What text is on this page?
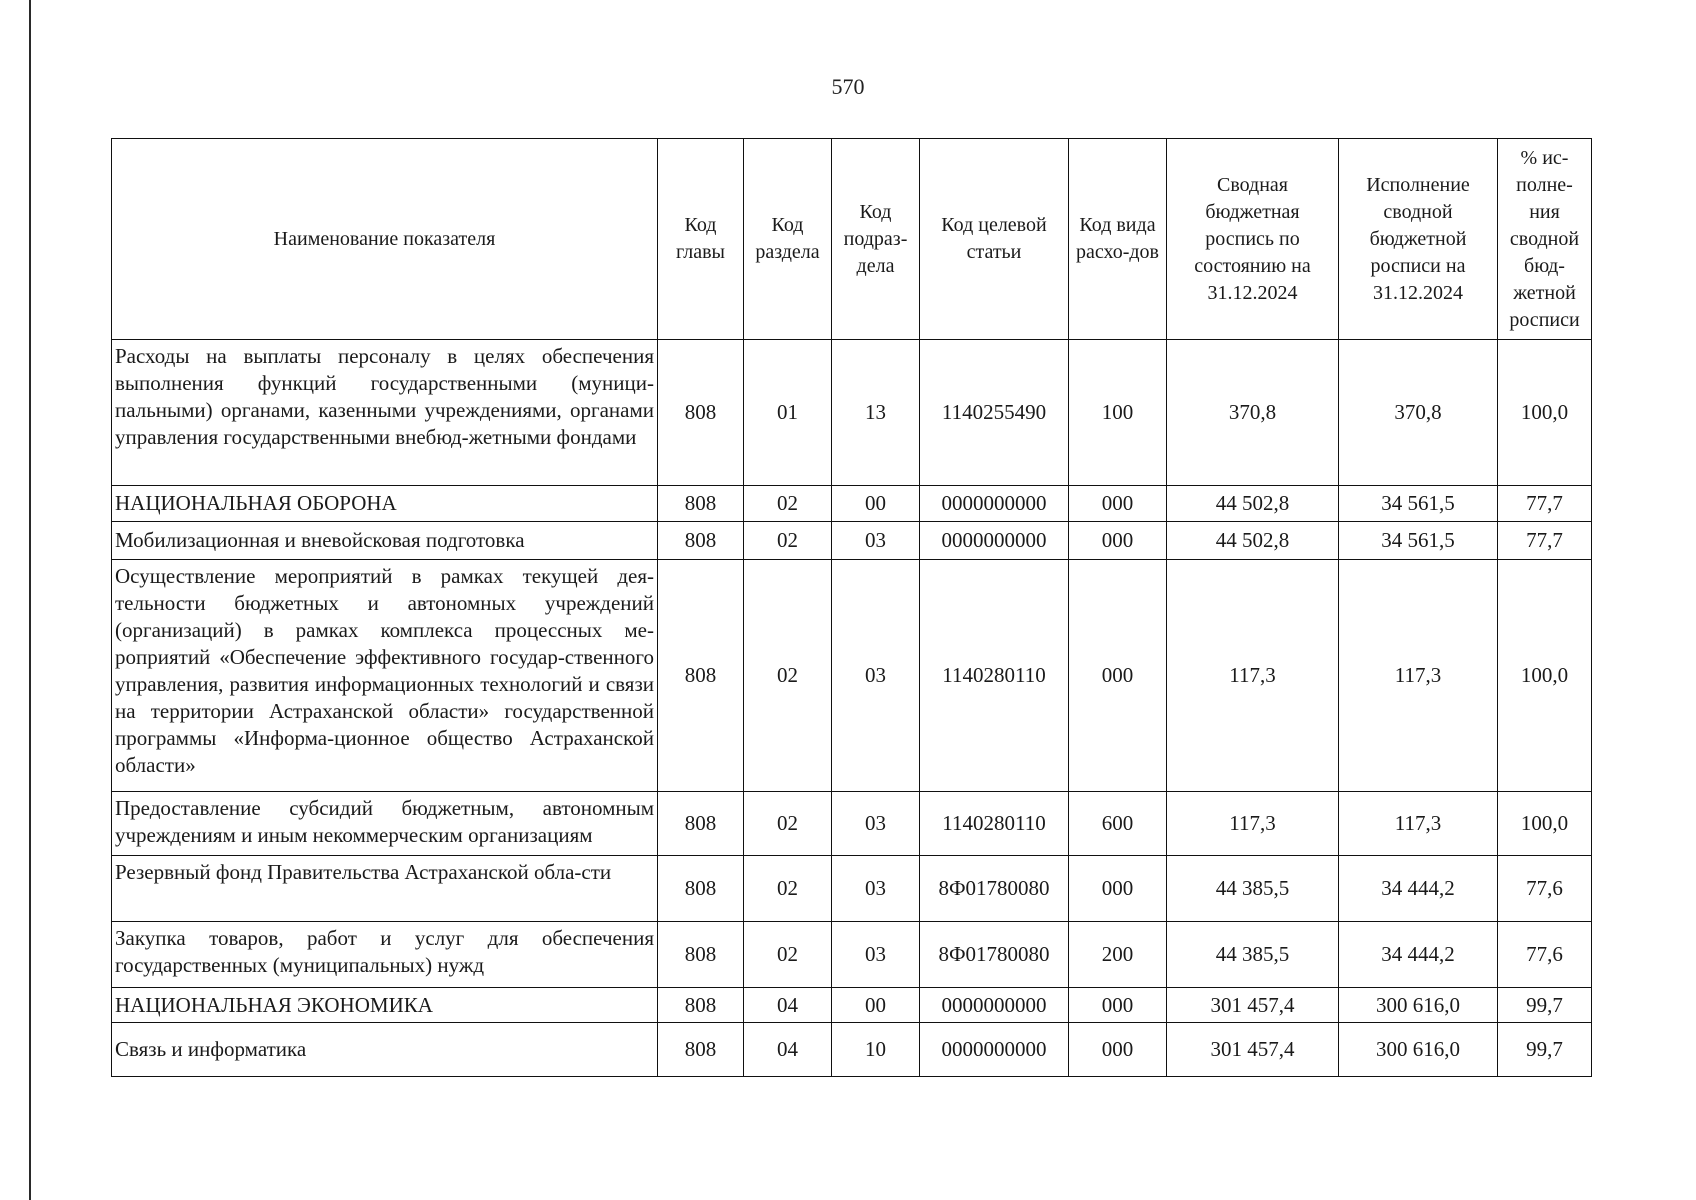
570
Наименование показателя	Код главы	Код раздела	Код подраз-дела	Код целевой статьи	Код вида расхо-дов	Сводная бюджетная роспись по состоянию на 31.12.2024	Исполнение сводной бюджетной росписи на 31.12.2024	% ис-полне-ния сводной бюд-жетной росписи
Расходы на выплаты персоналу в целях обеспечения выполнения функций государственными (муници-пальными) органами, казенными учреждениями, органами управления государственными внебюд-жетными фондами	808	01	13	1140255490	100	370,8	370,8	100,0
НАЦИОНАЛЬНАЯ ОБОРОНА	808	02	00	0000000000	000	44 502,8	34 561,5	77,7
Мобилизационная и вневойсковая подготовка	808	02	03	0000000000	000	44 502,8	34 561,5	77,7
Осуществление мероприятий в рамках текущей дея-тельности бюджетных и автономных учреждений (организаций) в рамках комплекса процессных ме-роприятий «Обеспечение эффективного государ-ственного управления, развития информационных технологий и связи на территории Астраханской области» государственной программы «Информа-ционное общество Астраханской области»	808	02	03	1140280110	000	117,3	117,3	100,0
Предоставление субсидий бюджетным, автономным учреждениям и иным некоммерческим организациям	808	02	03	1140280110	600	117,3	117,3	100,0
Резервный фонд Правительства Астраханской обла-сти	808	02	03	8Ф01780080	000	44 385,5	34 444,2	77,6
Закупка товаров, работ и услуг для обеспечения государственных (муниципальных) нужд	808	02	03	8Ф01780080	200	44 385,5	34 444,2	77,6
НАЦИОНАЛЬНАЯ ЭКОНОМИКА	808	04	00	0000000000	000	301 457,4	300 616,0	99,7
Связь и информатика	808	04	10	0000000000	000	301 457,4	300 616,0	99,7
